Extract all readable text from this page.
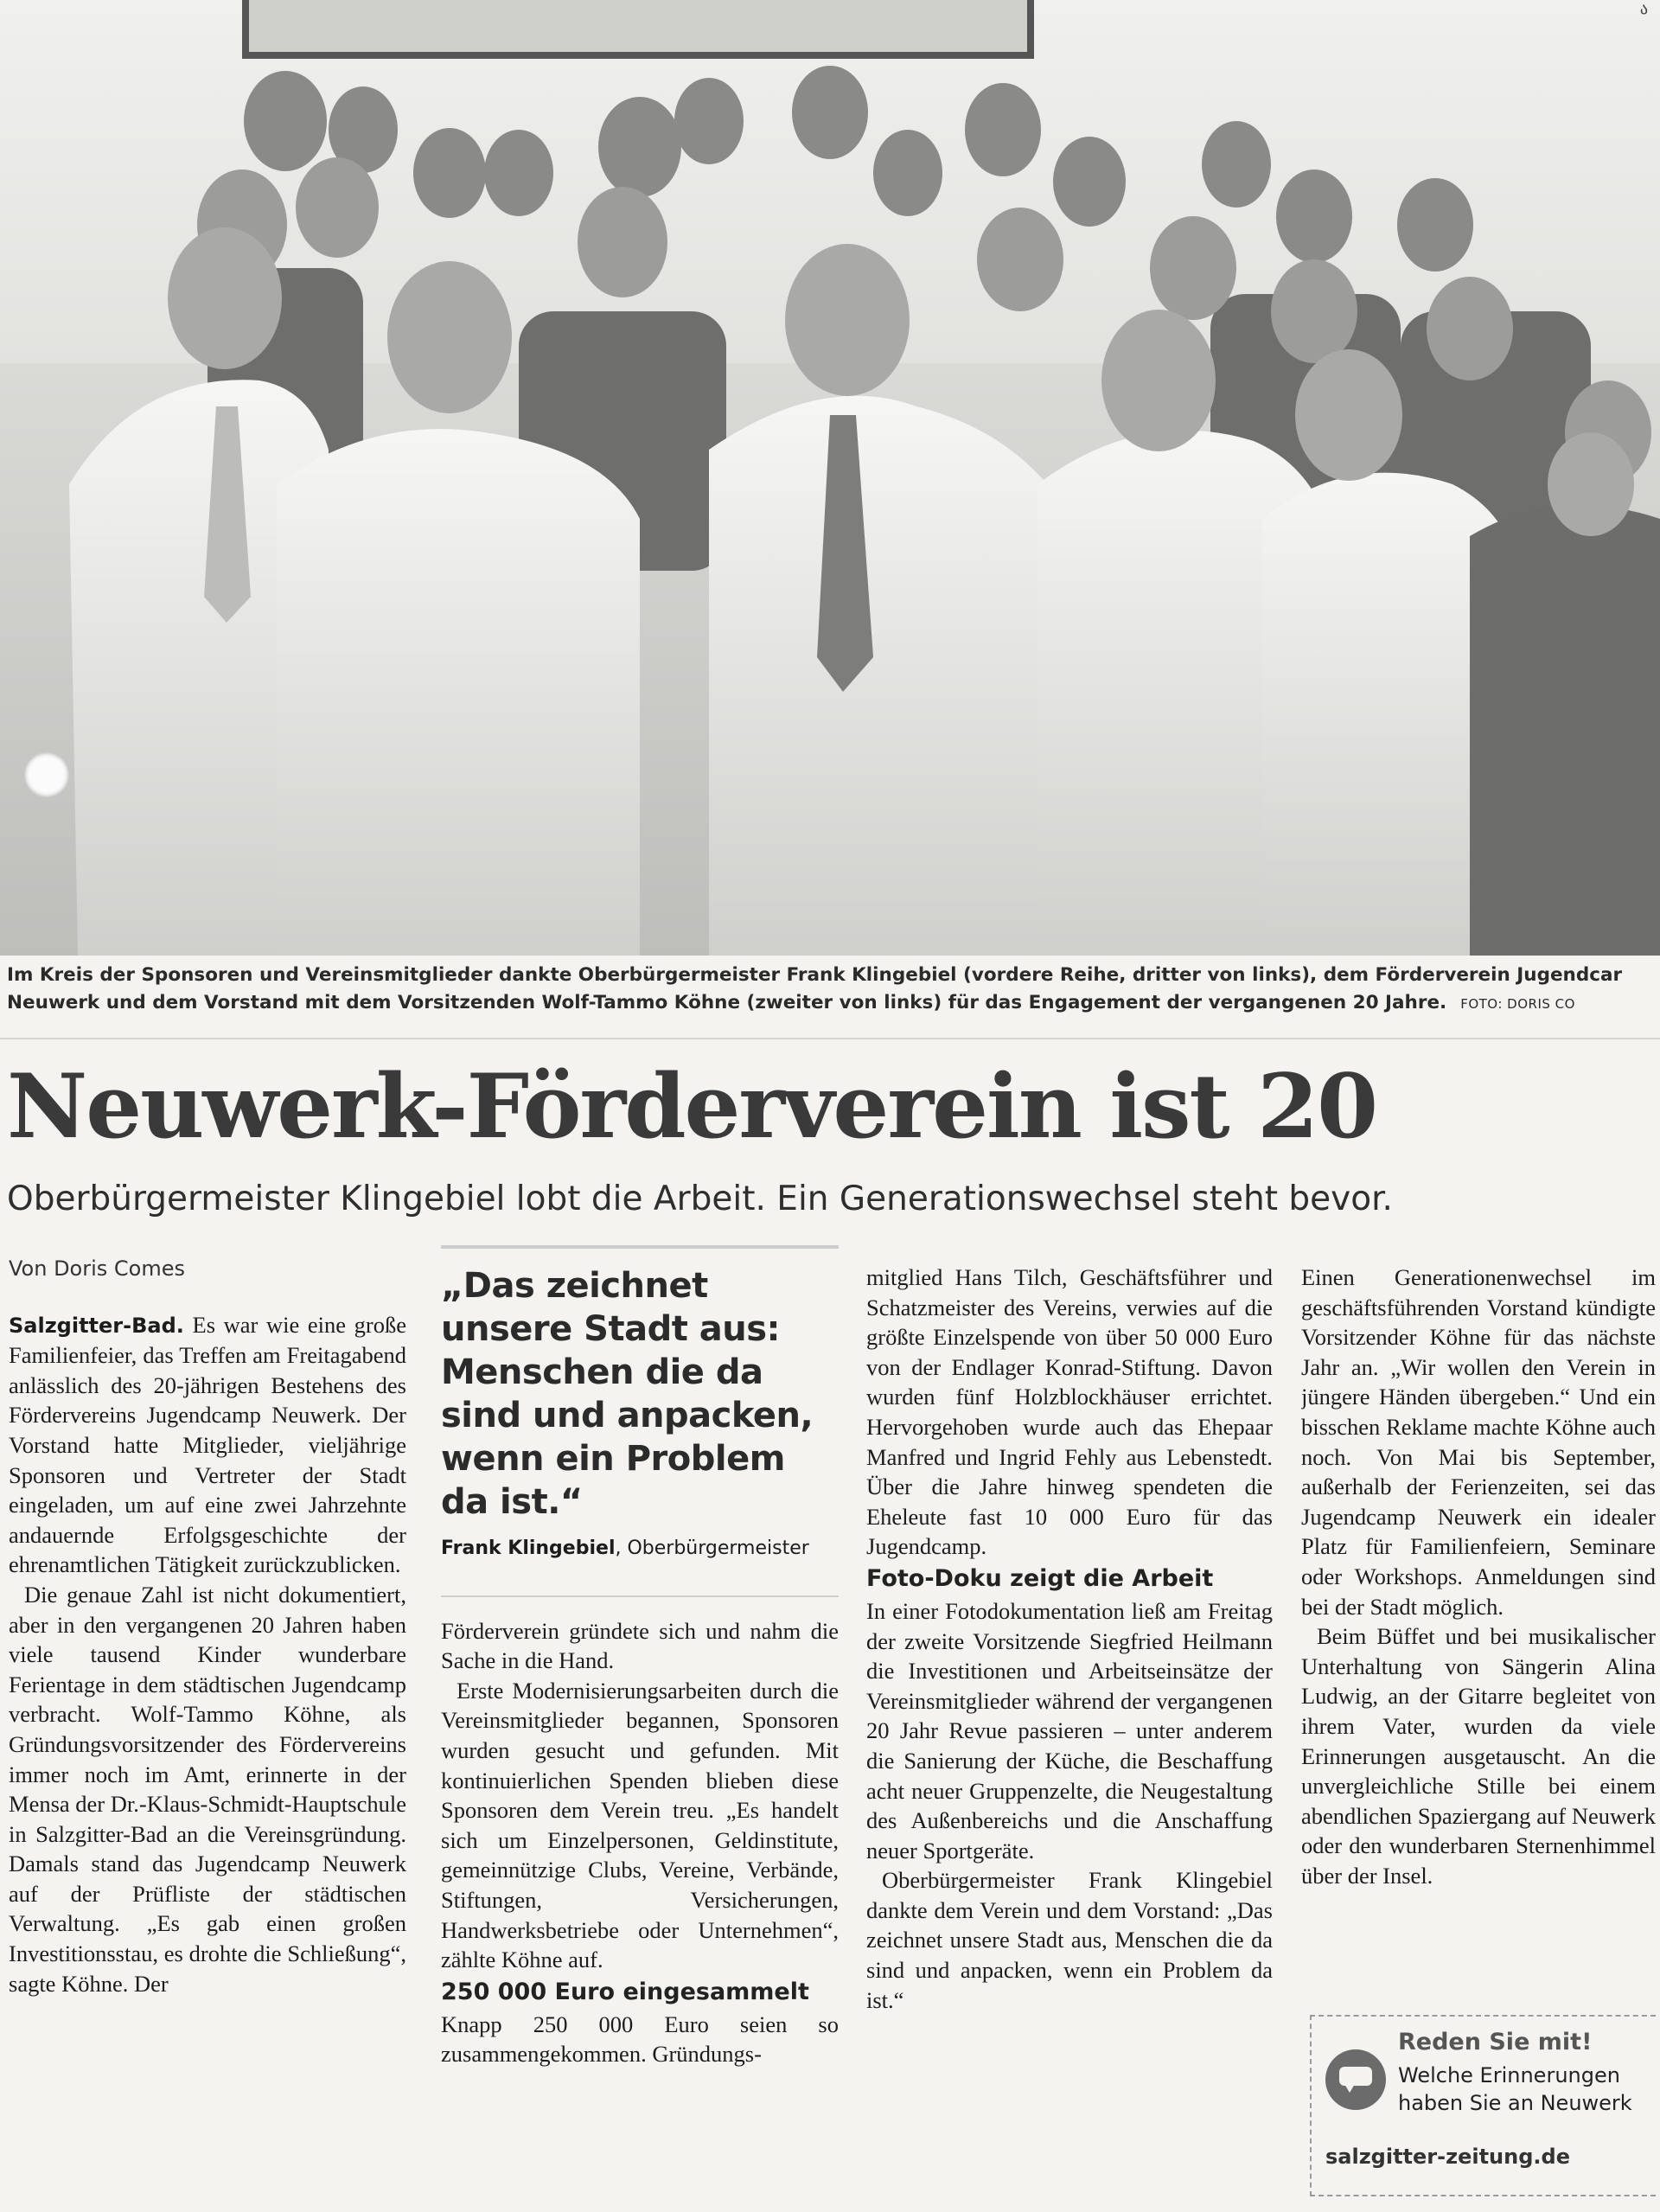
ა
Im Kreis der Sponsoren und Vereinsmitglieder dankte Oberbürgermeister Frank Klingebiel (vordere Reihe, dritter von links), dem Förderverein Jugendcar
Neuwerk und dem Vorstand mit dem Vorsitzenden Wolf-Tammo Köhne (zweiter von links) für das Engagement der vergangenen 20 Jahre. FOTO: DORIS CO
Neuwerk-Förderverein ist 20
Oberbürgermeister Klingebiel lobt die Arbeit. Ein Generationswechsel steht bevor.

Von Doris Comes

Salzgitter-Bad. Es war wie eine große Familienfeier, das Treffen am Freitagabend anlässlich des 20-jährigen Bestehens des Fördervereins Jugendcamp Neuwerk. Der Vorstand hatte Mitglieder, vieljährige Sponsoren und Vertreter der Stadt eingeladen, um auf eine zwei Jahrzehnte andauernde Erfolgsgeschichte der ehrenamtlichen Tätigkeit zurückzublicken.

Die genaue Zahl ist nicht dokumentiert, aber in den vergangenen 20 Jahren haben viele tausend Kinder wunderbare Ferientage in dem städtischen Jugendcamp verbracht. Wolf-Tammo Köhne, als Gründungsvorsitzender des Fördervereins immer noch im Amt, erinnerte in der Mensa der Dr.-Klaus-Schmidt-Hauptschule in Salzgitter-Bad an die Vereinsgründung. Damals stand das Jugendcamp Neuwerk auf der Prüfliste der städtischen Verwaltung. „Es gab einen großen Investitionsstau, es drohte die Schließung“, sagte Köhne. Der

„Das zeichnet unsere Stadt aus: Menschen die da sind und anpacken, wenn ein Problem da ist.“
Frank Klingebiel, Oberbürgermeister

Förderverein gründete sich und nahm die Sache in die Hand.

Erste Modernisierungsarbeiten durch die Vereinsmitglieder begannen, Sponsoren wurden gesucht und gefunden. Mit kontinuierlichen Spenden blieben diese Sponsoren dem Verein treu. „Es handelt sich um Einzelpersonen, Geldinstitute, gemeinnützige Clubs, Vereine, Verbände, Stiftungen, Versicherungen, Handwerksbetriebe oder Unternehmen“, zählte Köhne auf.

250 000 Euro eingesammelt

Knapp 250 000 Euro seien so zusammengekommen. Gründungs-

mitglied Hans Tilch, Geschäftsführer und Schatzmeister des Vereins, verwies auf die größte Einzelspende von über 50 000 Euro von der Endlager Konrad-Stiftung. Davon wurden fünf Holzblockhäuser errichtet. Hervorgehoben wurde auch das Ehepaar Manfred und Ingrid Fehly aus Lebenstedt. Über die Jahre hinweg spendeten die Eheleute fast 10 000 Euro für das Jugendcamp.

Foto-Doku zeigt die Arbeit

In einer Fotodokumentation ließ am Freitag der zweite Vorsitzende Siegfried Heilmann die Investitionen und Arbeitseinsätze der Vereinsmitglieder während der vergangenen 20 Jahr Revue passieren – unter anderem die Sanierung der Küche, die Beschaffung acht neuer Gruppenzelte, die Neugestaltung des Außenbereichs und die Anschaffung neuer Sportgeräte.

Oberbürgermeister Frank Klingebiel dankte dem Verein und dem Vorstand: „Das zeichnet unsere Stadt aus, Menschen die da sind und anpacken, wenn ein Problem da ist.“

Einen Generationenwechsel im geschäftsführenden Vorstand kündigte Vorsitzender Köhne für das nächste Jahr an. „Wir wollen den Verein in jüngere Händen übergeben.“ Und ein bisschen Reklame machte Köhne auch noch. Von Mai bis September, außerhalb der Ferienzeiten, sei das Jugendcamp Neuwerk ein idealer Platz für Familienfeiern, Seminare oder Workshops. Anmeldungen sind bei der Stadt möglich.

Beim Büffet und bei musikalischer Unterhaltung von Sängerin Alina Ludwig, an der Gitarre begleitet von ihrem Vater, wurden da viele Erinnerungen ausgetauscht. An die unvergleichliche Stille bei einem abendlichen Spaziergang auf Neuwerk oder den wunderbaren Sternenhimmel über der Insel.

Reden Sie mit!
Welche Erinnerungen haben Sie an Neuwerk
salzgitter-zeitung.de
